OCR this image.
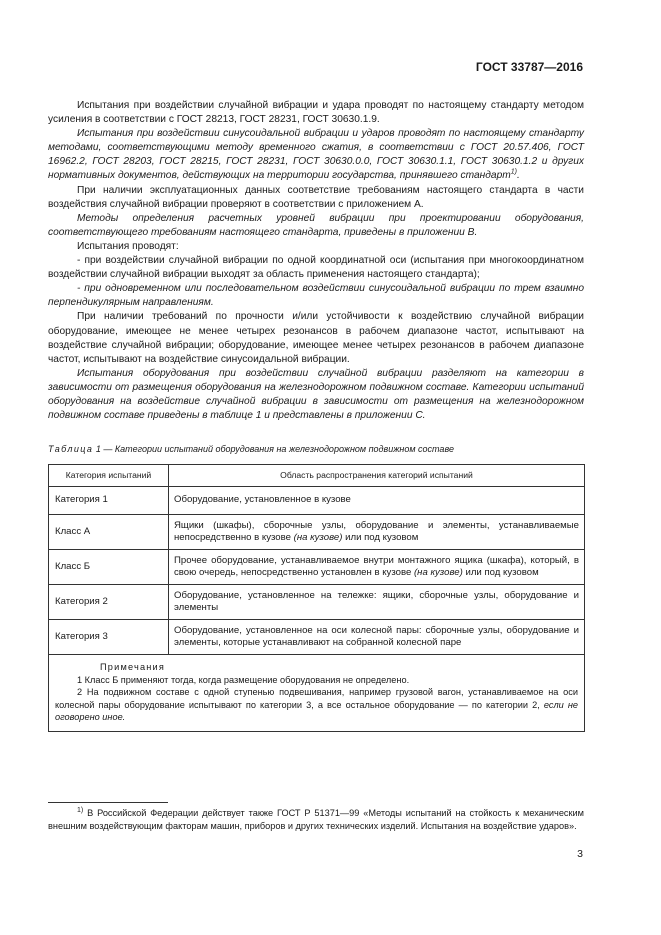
ГОСТ 33787—2016

Испытания при воздействии случайной вибрации и удара проводят по настоящему стандарту методом усиления в соответствии с ГОСТ 28213, ГОСТ 28231, ГОСТ 30630.1.9.

Испытания при воздействии синусоидальной вибрации и ударов проводят по настоящему стандарту методами, соответствующими методу временного сжатия, в соответствии с ГОСТ 20.57.406, ГОСТ 16962.2, ГОСТ 28203, ГОСТ 28215, ГОСТ 28231, ГОСТ 30630.0.0, ГОСТ 30630.1.1, ГОСТ 30630.1.2 и других нормативных документов, действующих на территории государства, принявшего стандарт$^{1)}$.

При наличии эксплуатационных данных соответствие требованиям настоящего стандарта в части воздействия случайной вибрации проверяют в соответствии с приложением А.

Методы определения расчетных уровней вибрации при проектировании оборудования, соответствующего требованиям настоящего стандарта, приведены в приложении В.

Испытания проводят:

- при воздействии случайной вибрации по одной координатной оси (испытания при многокоординатном воздействии случайной вибрации выходят за область применения настоящего стандарта);

- при одновременном или последовательном воздействии синусоидальной вибрации по трем взаимно перпендикулярным направлениям.

При наличии требований по прочности и/или устойчивости к воздействию случайной вибрации оборудование, имеющее не менее четырех резонансов в рабочем диапазоне частот, испытывают на воздействие случайной вибрации; оборудование, имеющее менее четырех резонансов в рабочем диапазоне частот, испытывают на воздействие синусоидальной вибрации.

Испытания оборудования при воздействии случайной вибрации разделяют на категории в зависимости от размещения оборудования на железнодорожном подвижном составе. Категории испытаний оборудования на воздействие случайной вибрации в зависимости от размещения на железнодорожном подвижном составе приведены в таблице 1 и представлены в приложении С.

Таблица 1 — Категории испытаний оборудования на железнодорожном подвижном составе
Категория испытаний	Область распространения категорий испытаний
Категория 1	Оборудование, установленное в кузове
Класс А	Ящики (шкафы), сборочные узлы, оборудование и элементы, устанавливаемые непосредственно в кузове (на кузове) или под кузовом
Класс Б	Прочее оборудование, устанавливаемое внутри монтажного ящика (шкафа), который, в свою очередь, непосредственно установлен в кузове (на кузове) или под кузовом
Категория 2	Оборудование, установленное на тележке: ящики, сборочные узлы, оборудование и элементы
Категория 3	Оборудование, установленное на оси колесной пары: сборочные узлы, оборудование и элементы, которые устанавливают на собранной колесной паре

Примечания

1 Класс Б применяют тогда, когда размещение оборудования не определено.

2 На подвижном составе с одной ступенью подвешивания, например грузовой вагон, устанавливаемое на оси колесной пары оборудование испытывают по категории 3, а все остальное оборудование — по категории 2, если не оговорено иное.	

$^{1)}$ В Российской Федерации действует также ГОСТ Р 51371—99 «Методы испытаний на стойкость к механическим внешним воздействующим факторам машин, приборов и других технических изделий. Испытания на воздействие ударов».

3
